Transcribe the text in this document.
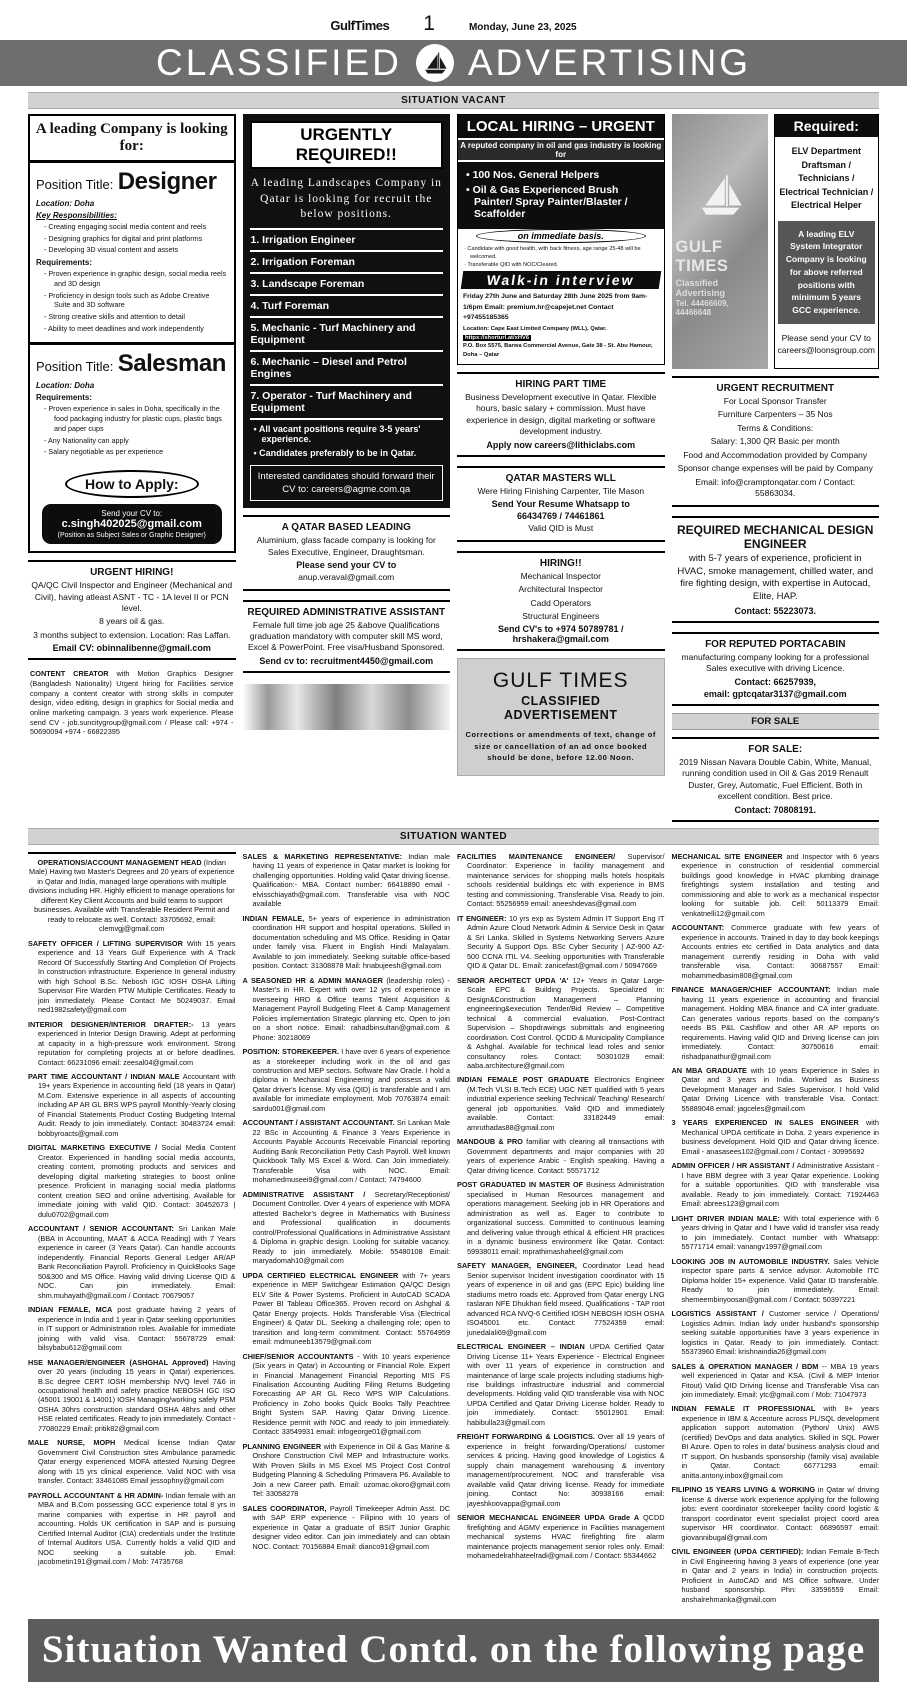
GulfTimes 1	Monday, June 23, 2025
CLASSIFIED ADVERTISING
SITUATION VACANT
A leading Company is looking for:
Position Title: Designer
Location: Doha
Key Responsibilities:
- Creating engaging social media content and reels
- Designing graphics for digital and print platforms
- Developing 3D visual content and assets
Requirements:
- Proven experience in graphic design, social media reels and 3D design
- Proficiency in design tools such as Adobe Creative Suite and 3D software
- Strong creative skills and attention to detail
- Ability to meet deadlines and work independently
Position Title: Salesman
Location: Doha
Requirements:
- Proven experience in sales in Doha, specifically in the food packaging industry for plastic cups, plastic bags and paper cups
- Any Nationality can apply
- Salary negotiable as per experience
How to Apply:
Send your CV to:
c.singh402025@gmail.com
(Position as Subject Sales or Graphic Designer)
URGENT HIRING!
QA/QC Civil Inspector and Engineer (Mechanical and Civil), having atleast ASNT - TC - 1A level II or PCN level.
8 years oil & gas.
3 months subject to extension. Location: Ras Laffan.
Email CV: obinnalibenne@gmail.com

CONTENT CREATOR with Motion Graphics Designer (Bangladesh Nationality) Urgent hiring for Facilities service company a content creator with strong skills in computer design, video editing, design in graphics for Social media and online marketing campaign. 3 years work experience. Please send CV - job.suncitygroup@gmail.com / Please call: +974 - 50690094 +974 - 66822395

URGENTLY REQUIRED!!
A leading Landscapes Company in Qatar is looking for recruit the below positions.
1. Irrigation Engineer
2. Irrigation Foreman
3. Landscape Foreman
4. Turf Foreman
5. Mechanic - Turf Machinery and Equipment
6. Mechanic – Diesel and Petrol Engines
7. Operator - Turf Machinery and Equipment
• All vacant positions require 3-5 years' experience.
• Candidates preferably to be in Qatar.
Interested candidates should forward their CV to: careers@agme.com.qa
A QATAR BASED LEADING
Aluminium, glass facade company is looking for Sales Executive, Engineer, Draughtsman.
Please send your CV to
anup.veraval@gmail.com
REQUIRED ADMINISTRATIVE ASSISTANT
Female full time job age 25 &above Qualifications graduation mandatory with computer skill MS word, Excel & PowerPoint. Free visa/Husband Sponsored.
Send cv to: recruitment4450@gmail.com
LOCAL HIRING – URGENT
A reputed company in oil and gas industry is looking for
• 100 Nos. General Helpers
• Oil & Gas Experienced Brush Painter/ Spray Painter/Blaster / Scaffolder
on immediate basis.
· Candidate with good health, with back fitness, age range 25-48 will be welcomed.
· Transferable QID with NOC/Cleared.
Walk-in interview
Friday 27th June and Saturday 28th June 2025 from 9am-1/6pm Email: premium.hr@capejet.net Contact +97455185365
Location: Cape East Limited Company (WLL), Qatar. https://shorturl.at/xHV6
P.O. Box 5575, Barwa Commercial Avenue, Gate 38 - St. Abu Hamour, Doha – Qatar
HIRING PART TIME
Business Development executive in Qatar. Flexible hours, basic salary + commission. Must have experience in design, digital marketing or software development industry.
Apply now careers@lithiclabs.com
QATAR MASTERS WLL
Were Hiring Finishing Carpenter, Tile Mason
Send Your Resume Whatsapp to
66434769 / 74461861
Valid QID is Must
HIRING!!
Mechanical Inspector
Architectural Inspector
Cadd Operators
Structural Engineers
Send CV's to +974 50789781 / hrshakera@gmail.com
GULF TIMES
CLASSIFIED ADVERTISEMENT
Corrections or amendments of text, change of size or cancellation of an ad once booked should be done, before 12.00 Noon.
GULF TIMES
Classified Advertising
Tel. 44466609, 44466648
Required:
ELV Department Draftsman / Technicians / Electrical Technician / Electrical Helper
A leading ELV System Integrator Company is looking for above referred positions with minimum 5 years GCC experience.
Please send your CV to careers@loonsgroup.com
URGENT RECRUITMENT
For Local Sponsor Transfer
Furniture Carpenters – 35 Nos
Terms & Conditions:
Salary: 1,300 QR Basic per month
Food and Accommodation provided by Company
Sponsor change expenses will be paid by Company
Email: info@cramptonqatar.com / Contact: 55863034.
REQUIRED MECHANICAL DESIGN ENGINEER
with 5-7 years of experience, proficient in HVAC, smoke management, chilled water, and fire fighting design, with expertise in Autocad, Elite, HAP.
Contact: 55223073.
FOR REPUTED PORTACABIN
manufacturing company looking for a professional Sales executive with driving Licence.
Contact: 66257939,
email: gptcqatar3137@gmail.com
FOR SALE
FOR SALE:
2019 Nissan Navara Double Cabin, White, Manual, running condition used in Oil & Gas 2019 Renault Duster, Grey, Automatic, Fuel Efficient. Both in excellent condition. Best price.
Contact: 70808191.
SITUATION WANTED

OPERATIONS/ACCOUNT MANAGEMENT HEAD (Indian Male) Having two Master's Degrees and 20 years of experience in Qatar and India, managed large operations with multiple divisions including HR. Highly efficient to manage operations for different Key Client Accounts and build teams to support businesses. Available with Transferable Resident Permit and ready to relocate as well. Contact: 33705692, email: clemvgj@gmail.com

SAFETY OFFICER / LIFTING SUPERVISOR With 15 years experience and 13 Years Gulf Experience with A Track Record Of Successfully Starting And Completion Of Projects In construction infrastructure. Experience In general industry with high School B.Sc. Nebosh IGC IOSH OSHA Lifting Supervisor Fire Warden PTW Multiple Certificates. Ready to join immediately. Please Contact Me 50249037. Email ned1982safety@gmail.com

INTERIOR DESIGNER/INTERIOR DRAFTER:- 13 years experienced in Interior Design Drawing. Adept at performing at capacity in a high-pressure work environment. Strong reputation for completing projects at or before deadlines. Contact: 66231096 email: zeesal04@gmail.com

PART TIME ACCOUNTANT / INDIAN MALE Accountant with 19+ years Experience in accounting field (18 years in Qatar) M.Com. Extensive experience in all aspects of accounting including AP AR GL BRS WPS payroll Monthly-Yearly closing of Financial Statements Product Costing Budgeting Internal Audit. Ready to join immediately. Contact: 30483724 email: bobbyroacts@gmail.com

DIGITAL MARKETING EXECUTIVE / Social Media Content Creator. Experienced in handling social media accounts, creating content, promoting products and services and developing digital marketing strategies to boost online presence. Proficient in managing social media platforms content creation SEO and online advertising. Available for immediate joining with valid QID. Contact: 30452673 | dulu0702@gmail.com

ACCOUNTANT / SENIOR ACCOUNTANT: Sri Lankan Male (BBA in Accounting, MAAT & ACCA Reading) with 7 Years experience in career (3 Years Qatar). Can handle accounts independently. Financial Reports General Ledger AR/AP Bank Reconciliation Payroll. Proficiency in QuickBooks Sage 50&300 and MS Office. Having valid driving License QID & NOC. Can join immediately. Email: shm.muhayath@gmail.com / Contact: 70679057

INDIAN FEMALE, MCA post graduate having 2 years of experience in India and 1 year in Qatar seeking opportunities in IT support or Administration roles. Available for immediate joining with valid visa. Contact: 55678729 email: bilsybabu612@gmail.com

HSE MANAGER/ENGINEER (ASHGHAL Approved) Having over 20 years (including 15 years in Qatar) experiences. B.Sc degree CERT IOSH membership NVQ level 7&6 in occupational health and safety practice NEBOSH IGC ISO (45001 19001 & 14001) IOSH Managing/working safely PSM OSHA 30hrs construction standard OSHA 48hrs and other HSE related certificates. Ready to join immediately. Contact - 77080229 Email: pritik82@gmail.com

MALE NURSE, MOPH Medical license Indian Qatar Government Civil Construction sites Ambulance paramedic Qatar energy experienced MOFA attested Nursing Degree along with 15 yrs clinical experience. Valid NOC with visa transfer. Contact: 33461085 Email jessophny@gmail.com

PAYROLL ACCOUNTANT & HR ADMIN- Indian female with an MBA and B.Com possessing GCC experience total 8 yrs in marine companies with expertise in HR payroll and accounting. Holds UK certification in SAP and is pursuing Certified Internal Auditor (CIA) credentials under the Institute of Internal Auditors USA. Currently holds a valid QID and NOC seeking a suitable job. Email: jacobmetin191@gmail.com / Mob: 74735768

SALES & MARKETING REPRESENTATIVE: Indian male having 11 years of experience in Qatar market is looking for challenging opportunities. Holding valid Qatar driving license. Qualification:- MBA. Contact number: 66418890 email - elvisschiayath@gmail.com. Transferable visa with NOC available

INDIAN FEMALE, 5+ years of experience in administration coordination HR support and hospital operations. Skilled in documentation scheduling and MS Office. Residing in Qatar under family visa. Fluent in English Hindi Malayalam. Available to join immediately. Seeking suitable office-based position. Contact: 31308878 Mail: hnabujeesh@gmail.com

A SEASONED HR & ADMIN MANAGER (leadership roles) - Master's in HR. Expert with over 12 yrs of experience in overseeing HRD & Office teams Talent Acquisition & Management Payroll Budgeting Fleet & Camp Management Policies implementation Strategic planning etc. Open to join on a short notice. Email: rahadbinsultan@gmail.com & Phone: 30218069

POSITION: STOREKEEPER. I have over 6 years of experience as a storekeeper including work in the oil and gas construction and MEP sectors. Software Nav Oracle. I hold a diploma in Mechanical Engineering and possess a valid Qatar driver's license. My visa (QID) is transferable and I am available for immediate employment. Mob 70763874 email: sairdu001@gmail.com

ACCOUNTANT / ASSISTANT ACCOUNTANT. Sri Lankan Male 22 BSc in Accounting & Finance 3 Years Experience in Accounts Payable Accounts Receivable Financial reporting Auditing Bank Reconciliation Petty Cash Payroll. Well known Quickbook Tally MS Excel & Word. Can Join immediately. Transferable Visa with NOC. Email: mohamedmuseei9@gmail.com / Contact: 74794600

ADMINISTRATIVE ASSISTANT / Secretary/Receptionist/ Document Controller. Over 4 years of experience with MOFA attested Bachelor's degree in Mathematics with Business and Professional qualification in documents control/Professional Qualifications in Administrative Assistant & Diploma in graphic design. Looking for suitable vacancy. Ready to join immediately. Mobile: 55480108 Email: maryadomah10@gmail.com

UPDA CERTIFIED ELECTRICAL ENGINEER with 7+ years experience in MEP Switchgear Estimation QA/QC Design ELV Site & Power Systems. Proficient in AutoCAD SCADA Power BI Tableau Office365. Proven record on Ashghal & Qatar Energy projects. Holds Transferable Visa (Electrical Engineer) & Qatar DL. Seeking a challenging role; open to transition and long-term commitment. Contact: 55764959 email: mdmuneeb13579@gmail.com

CHIEF/SENIOR ACCOUNTANTS - With 10 years experience (Six years in Qatar) in Accounting or Financial Role. Expert in Financial Management Financial Reporting MIS FS Finalisation Accounting Auditing Filing Returns Budgeting Forecasting AP AR GL Reco WPS WIP Calculations. Proficiency in Zoho books Quick Books Tally Peachtree Bright System SAP. Having Qatar Driving Licence. Residence permit with NOC and ready to join immediately. Contact: 33549931 email: infogeorge01@gmail.com

PLANNING ENGINEER with Experience in Oil & Gas Marine & Onshore Construction Civil MEP and Infrastructure works. With Proven Skills in MS Excel MS Project Cost Control Budgeting Planning & Scheduling Primavera P6. Available to Join a new Career path. Email: uzomac.okoro@gmail.com Tel: 33058278

SALES COORDINATOR, Payroll Timekeeper Admin Asst. DC with SAP ERP experience - Filipino with 10 years of experience in Qatar a graduate of BSIT Junior Graphic designer video editor. Can join immediately and can obtain NOC. Contact: 70156884 Email: dianco91@gmail.com

FACILITIES MAINTENANCE ENGINEER/ Supervisor/ Coordinator: Experience in facility management and maintenance services for shopping malls hotels hospitals schools residential buildings etc with experience in BMS testing and commissioning. Transferable Visa. Ready to join. Contact: 55256959 email: aneeshdevas@gmail.com

IT ENGINEER: 10 yrs exp as System Admin IT Support Eng IT Admin Azure Cloud Network Admin & Service Desk in Qatar & Sri Lanka. Skilled in Systems Networking Servers Azure Security & Support Ops. BSc Cyber Security | AZ-900 AZ-500 CCNA ITIL V4. Seeking opportunities with Transferable QID & Qatar DL. Email: zanicefast@gmail.com / 50947669

SENIOR ARCHITECT UPDA 'A' 12+ Years in Qatar Large-Scale EPC & Building Projects. Specialized in: Design&Construction Management – Planning engineering&execution Tender/Bid Review – Competitive technical & commercial evaluation. Post-Contract Supervision – Shopdrawings submittals and engineering coordination. Cost Control. QCDD & Municipality Compliance & Ashghal. Available for technical lead roles and senior consultancy roles. Contact: 50301029 email: aaba.architecture@gmail.com

INDIAN FEMALE POST GRADUATE Electronics Engineer (M.Tech VLSI B.Tech ECE) UGC NET qualified with 5 years industrial experience seeking Technical/ Teaching/ Research/ general job opportunities. Valid QID and immediately available. Contact: 33182449 email: amruthadas88@gmail.com

MANDOUB & PRO familiar with clearing all transactions with Government departments and major companies with 20 years of experience Arabic - English speaking. Having a Qatar driving licence. Contact: 55571712

POST GRADUATED IN MASTER OF Business Administration specialised in Human Resources management and operations management. Seeking job in HR Operations and administration as well as. Eager to contribute to organizational success. Committed to continuous learning and delivering value through ethical & efficient HR practices in a dynamic business environment like Qatar. Contact: 59938011 email: mprathimashaheel@gmail.com

SAFETY MANAGER, ENGINEER, Coordinator Lead head Senior supervisor Incident investigation coordinator with 15 years of experience in oil and gas (EPC Epic) building line stadiums metro roads etc. Approved from Qatar energy LNG raslaran NFE Dhukhan field mseed. Qualifications - TAP root advanced RCA NVQ-6 Certified IOSH NEBOSH IOSH OSHA ISO45001 etc. Contact: 77524359 email: junedalali69@gmail.com

ELECTRICAL ENGINEER – INDIAN UPDA Certified Qatar Driving License 11+ Years Experience - Electrical Engineer with over 11 years of experience in construction and maintenance of large scale projects including stadiums high-rise buildings infrastructure industrial and commercial developments. Holding valid QID transferable visa with NOC UPDA Certified and Qatar Driving License holder. Ready to join immediately. Contact: 55012901 Email: habibulla23@gmail.com

FREIGHT FORWARDING & LOGISTICS. Over all 19 years of experience in freight forwarding/Operations/ customer services & pricing. Having good knowledge of Logistics & supply chain management warehousing & inventory management/procurement. NOC and transferable visa available valid Qatar driving license. Ready for immediate joining. Contact No: 30938166 email: jayeshkoovappa@gmail.com

SENIOR MECHANICAL ENGINEER UPDA Grade A QCDD firefighting and AGMV experience in Facilities management mechanical systems HVAC firefighting fire alarm maintenance projects management senior roles only. Email: mohamedelrahhateelradi@gmail.com / Contact: 55344662

MECHANICAL SITE ENGINEER and Inspector with 6 years experience in construction of residential commercial buildings good knowledge in HVAC plumbing drainage firefightings system installation and testing and commissioning and able to work as a mechanical inspector looking for suitable job. Cell: 50113379 Email: venkatnelli12@gmail.com

ACCOUNTANT: Commerce graduate with few years of experience in accounts. Trained in day to day book keepings Accounts entries etc certified in Data analytics and data management currently residing in Doha with valid transferable visa. Contact: 30687557 Email: mohammedbasim808@gmail.com

FINANCE MANAGER/CHIEF ACCOUNTANT: Indian male having 11 years experience in accounting and financial management. Holding MBA finance and CA inter graduate. Can generates various reports based on the company's needs BS P&L Cashflow and other AR AP reports on requirements. Having valid QID and Driving license can join immediately. Contact: 30750616 email: rishadpanathur@gmail.com

AN MBA GRADUATE with 10 years Experience in Sales in Qatar and 3 years in India. Worked as Business Development Manager and Sales Supervisor. I hold Valid Qatar Driving Licence with transferable Visa. Contact: 55889048 email: jagceles@gmail.com

3 YEARS EXPERIENCED IN SALES ENGINEER with Mechanical UPDA certificate in Doha. 2 years experience in business development. Hold QID and Qatar driving licence. Email - anasasees102@gmail.com / Contact - 30995692

ADMIN OFFICER / HR ASSISTANT / Administrative Assistant - I have BBM degree with 3 year Qatar experience. Looking for a suitable opportunities. QID with transferable visa available. Ready to join immediately. Contact: 71924463 Email: abrees123@gmail.com

LIGHT DRIVER INDIAN MALE: With total experience with 6 years driving in Qatar and I have valid id transfer visa ready to join immediately. Contact number with Whatsapp: 55771714 email: vanangv1997@gmail.com

LOOKING JOB IN AUTOMOBILE INDUSTRY. Sales Vehicle inspector spare parts & service advisor. Automobile ITC Diploma holder 15+ experience. Valid Qatar ID transferable. Ready to join immediately. Email: shemeembinyoosan@gmail.com / Contact: 50397221

LOGISTICS ASSISTANT / Customer service / Operations/ Logistics Admin. Indian lady under husband's sponsorship seeking suitable opportunities have 3 years experience in logistics in Qatar. Ready to join immediately. Contact: 55373960 Email: krishnaindia26@gmail.com

SALES & OPERATION MANAGER / BDM -- MBA 19 years well experienced in Qatar and KSA. (Civil & MEP Interior Fitout) Valid QID Driving license and Transferable Visa can join immediately. Email: ytc@gmail.com / Mob: 71047973

INDIAN FEMALE IT PROFESSIONAL with 8+ years experience in IBM & Accenture across PL/SQL development application support automation (Python/ Unix) AWS (certified) DevOps and data analytics. Skilled in SQL Power BI Azure. Open to roles in data/ business analysis cloud and IT support. On husbands sponsorship (family visa) available in Qatar. Contact: 66771293 email: anitta.antony.inbox@gmail.com

FILIPINO 15 YEARS LIVING & WORKING in Qatar w/ driving license & diverse work experience applying for the following jobs: event coordinator storekeeper facility coord logistic & transport coordinator event specialist project coord area supervisor HR coordinator. Contact: 66896597 email: giovannibugal@gmail.com

CIVIL ENGINEER (UPDA CERTIFIED): Indian Female B-Tech in Civil Engineering having 3 years of experience (one year in Qatar and 2 years in India) in construction projects. Proficient in AutoCAD and MS Office software. Under husband sponsorship. Phn: 33596559 Email: anshalrehmanka@gmail.com

Situation Wanted Contd. on the following page
